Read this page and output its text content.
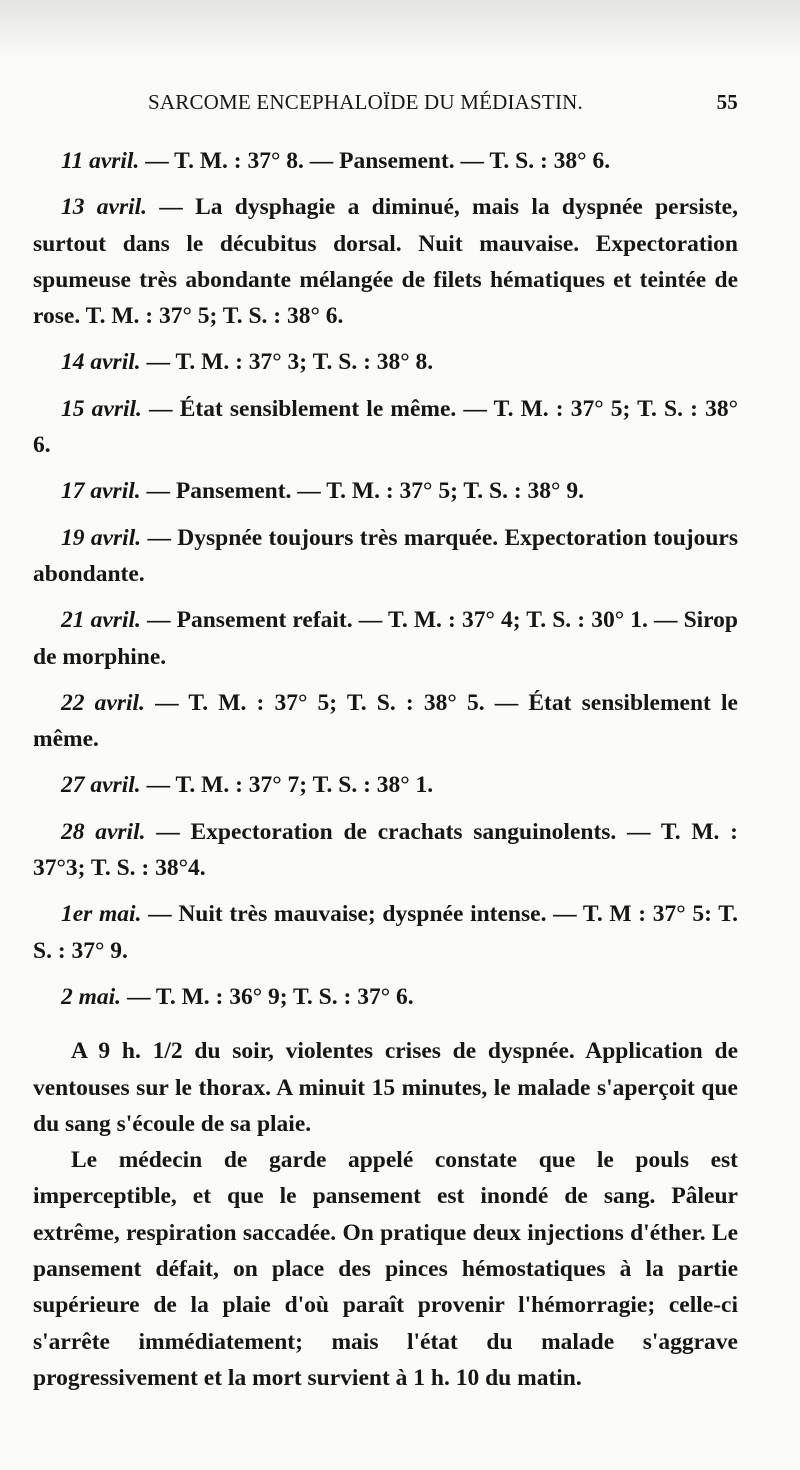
SARCOME ENCEPHALOÏDE DU MÉDIASTIN.	55

11 avril. — T. M. : 37° 8. — Pansement. — T. S. : 38° 6.

13 avril. — La dysphagie a diminué, mais la dyspnée persiste, surtout dans le décubitus dorsal. Nuit mauvaise. Expectoration spumeuse très abondante mélangée de filets hématiques et teintée de rose. T. M. : 37° 5; T. S. : 38° 6.

14 avril. — T. M. : 37° 3; T. S. : 38° 8.

15 avril. — État sensiblement le même. — T. M. : 37° 5; T. S. : 38° 6.

17 avril. — Pansement. — T. M. : 37° 5; T. S. : 38° 9.

19 avril. — Dyspnée toujours très marquée. Expectoration toujours abondante.

21 avril. — Pansement refait. — T. M. : 37° 4; T. S. : 30° 1. — Sirop de morphine.

22 avril. — T. M. : 37° 5; T. S. : 38° 5. — État sensiblement le même.

27 avril. — T. M. : 37° 7; T. S. : 38° 1.

28 avril. — Expectoration de crachats sanguinolents. — T. M. : 37°3; T. S. : 38°4.

1er mai. — Nuit très mauvaise; dyspnée intense. — T. M : 37° 5: T. S. : 37° 9.

2 mai. — T. M. : 36° 9; T. S. : 37° 6.

A 9 h. 1/2 du soir, violentes crises de dyspnée. Application de ventouses sur le thorax. A minuit 15 minutes, le malade s'aperçoit que du sang s'écoule de sa plaie.

Le médecin de garde appelé constate que le pouls est imperceptible, et que le pansement est inondé de sang. Pâleur extrême, respiration saccadée. On pratique deux injections d'éther. Le pansement défait, on place des pinces hémostatiques à la partie supérieure de la plaie d'où paraît provenir l'hémorragie; celle-ci s'arrête immédiatement; mais l'état du malade s'aggrave progressivement et la mort survient à 1 h. 10 du matin.
